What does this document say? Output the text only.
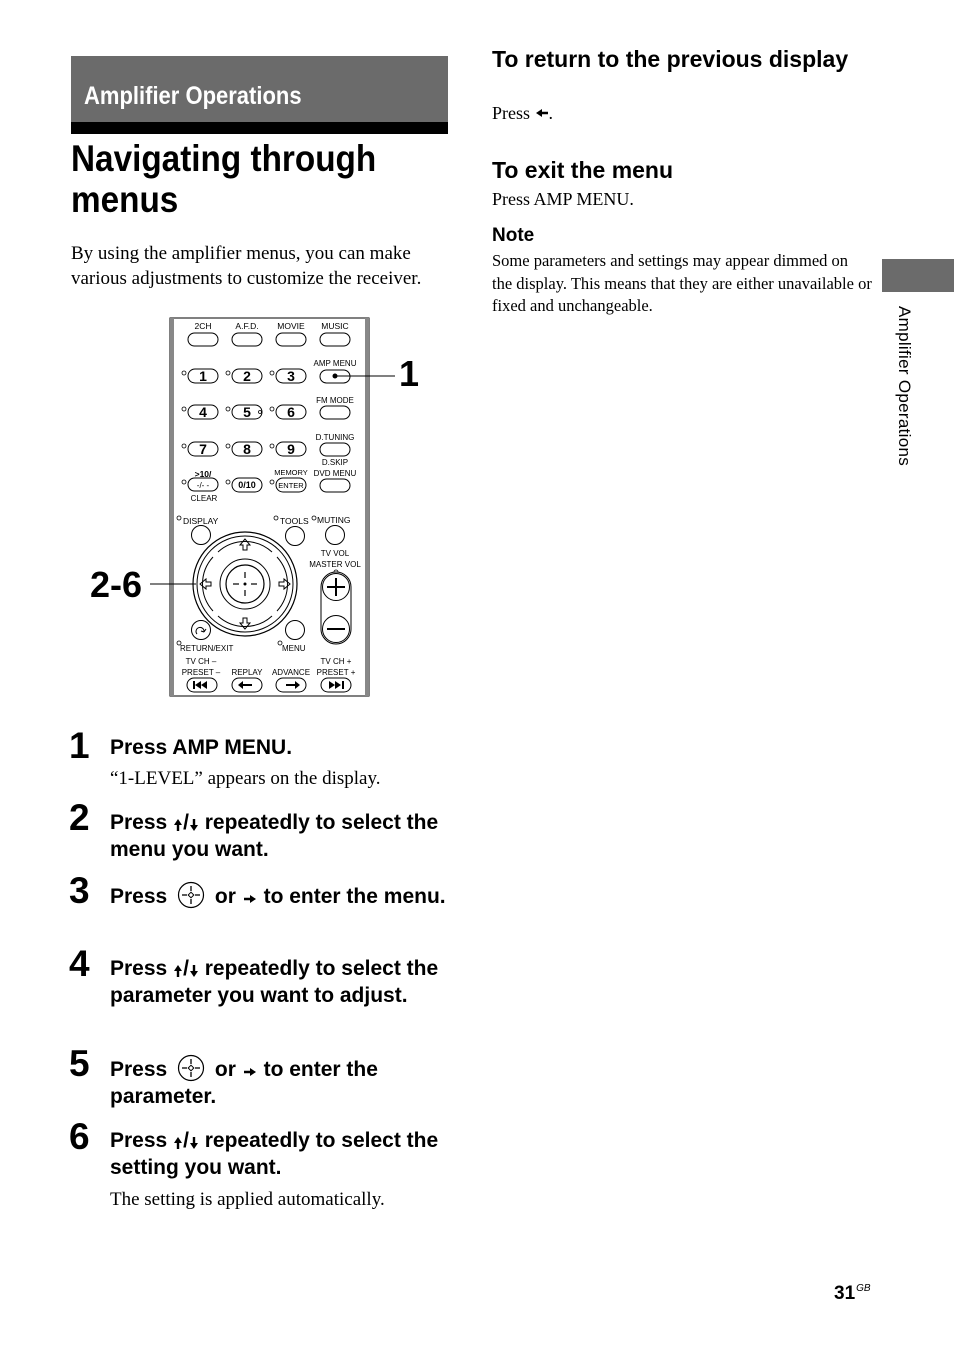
Amplifier Operations
Navigating through menus
By using the amplifier menus, you can make various adjustments to customize the receiver.
2CH	A.F.D. MOVIE MUSIC
1	2	3
4	5	6
7	8	9
>10/
-/- -
CLEAR
0/10
MEMORY
ENTER
AMP MENU
FM MODE
D.TUNING
D.SKIP
DVD MENU
1
DISPLAY	TOOLS MUTING
2-6
TV VOL
MASTER VOL
RETURN/EXIT	MENU
TV CH –
PRESET – REPLAY ADVANCE
TV CH +
PRESET +
1 Press AMP MENU.
“1-LEVEL” appears on the display.
2 Press / repeatedly to select the menu you want.
3 Press or to enter the menu.
4 Press / repeatedly to select the parameter you want to adjust.
5 Press or to enter the parameter.
6 Press / repeatedly to select the setting you want.
The setting is applied automatically.
To return to the previous display
Press .
To exit the menu
Press AMP MENU.
Note
Some parameters and settings may appear dimmed on the display. This means that they are either unavailable or fixed and unchangeable.
Amplifier Operations
$31^{GB}$
